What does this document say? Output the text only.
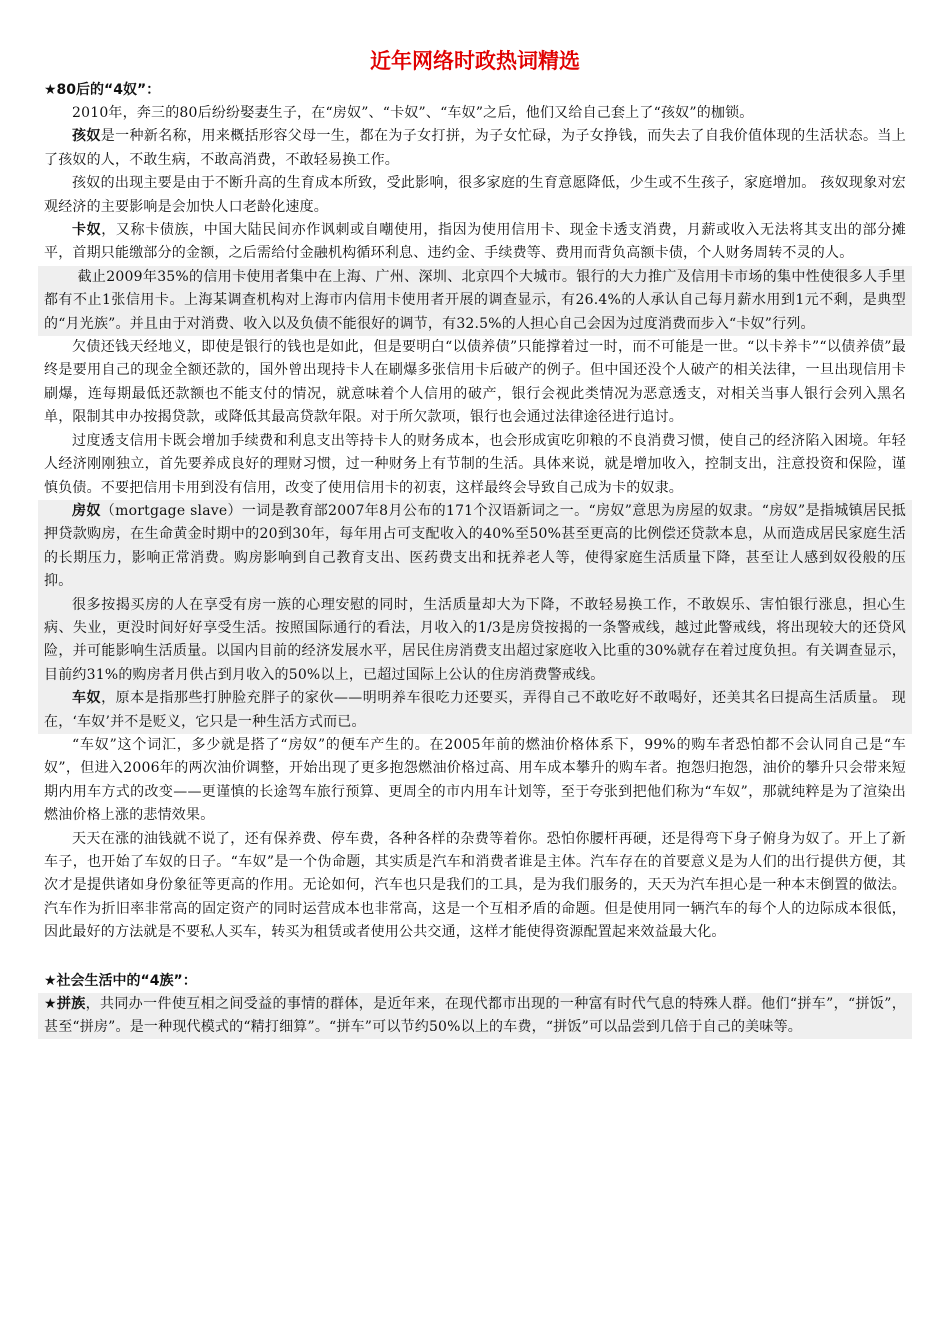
近年网络时政热词精选
★80后的“4奴”：

2010年，奔三的80后纷纷娶妻生子，在“房奴”、“卡奴”、“车奴”之后，他们又给自己套上了“孩奴”的枷锁。

孩奴是一种新名称，用来概括形容父母一生，都在为子女打拼，为子女忙碌，为子女挣钱，而失去了自我价值体现的生活状态。当上了孩奴的人，不敢生病，不敢高消费，不敢轻易换工作。

孩奴的出现主要是由于不断升高的生育成本所致，受此影响，很多家庭的生育意愿降低，少生或不生孩子，家庭增加。 孩奴现象对宏观经济的主要影响是会加快人口老龄化速度。

卡奴，又称卡债族，中国大陆民间亦作讽刺或自嘲使用，指因为使用信用卡、现金卡透支消费，月薪或收入无法将其支出的部分摊平，首期只能缴部分的金额，之后需给付金融机构循环利息、违约金、手续费等、费用而背负高额卡债，个人财务周转不灵的人。

截止2009年35%的信用卡使用者集中在上海、广州、深圳、北京四个大城市。银行的大力推广及信用卡市场的集中性使很多人手里都有不止1张信用卡。上海某调查机构对上海市内信用卡使用者开展的调查显示，有26.4%的人承认自己每月薪水用到1元不剩，是典型的“月光族”。并且由于对消费、收入以及负债不能很好的调节，有32.5%的人担心自己会因为过度消费而步入“卡奴”行列。

欠债还钱天经地义，即使是银行的钱也是如此，但是要明白“以债养债”只能撑着过一时，而不可能是一世。“以卡养卡”“以债养债”最终是要用自己的现金全额还款的，国外曾出现持卡人在刷爆多张信用卡后破产的例子。但中国还没个人破产的相关法律，一旦出现信用卡刷爆，连每期最低还款额也不能支付的情况，就意味着个人信用的破产，银行会视此类情况为恶意透支，对相关当事人银行会列入黑名单，限制其申办按揭贷款，或降低其最高贷款年限。对于所欠款项，银行也会通过法律途径进行追讨。

过度透支信用卡既会增加手续费和利息支出等持卡人的财务成本，也会形成寅吃卯粮的不良消费习惯，使自己的经济陷入困境。年轻人经济刚刚独立，首先要养成良好的理财习惯，过一种财务上有节制的生活。具体来说，就是增加收入，控制支出，注意投资和保险，谨慎负债。不要把信用卡用到没有信用，改变了使用信用卡的初衷，这样最终会导致自己成为卡的奴隶。

房奴（mortgage slave）一词是教育部2007年8月公布的171个汉语新词之一。“房奴”意思为房屋的奴隶。“房奴”是指城镇居民抵押贷款购房，在生命黄金时期中的20到30年，每年用占可支配收入的40%至50%甚至更高的比例偿还贷款本息，从而造成居民家庭生活的长期压力，影响正常消费。购房影响到自己教育支出、医药费支出和抚养老人等，使得家庭生活质量下降，甚至让人感到奴役般的压抑。

很多按揭买房的人在享受有房一族的心理安慰的同时，生活质量却大为下降，不敢轻易换工作，不敢娱乐、害怕银行涨息，担心生病、失业，更没时间好好享受生活。按照国际通行的看法，月收入的1/3是房贷按揭的一条警戒线，越过此警戒线，将出现较大的还贷风险，并可能影响生活质量。以国内目前的经济发展水平，居民住房消费支出超过家庭收入比重的30%就存在着过度负担。有关调查显示，目前约31%的购房者月供占到月收入的50%以上，已超过国际上公认的住房消费警戒线。

车奴，原本是指那些打肿脸充胖子的家伙——明明养车很吃力还要买，弄得自己不敢吃好不敢喝好，还美其名曰提高生活质量。 现在，‘车奴’并不是贬义，它只是一种生活方式而已。

“车奴”这个词汇，多少就是搭了“房奴”的便车产生的。在2005年前的燃油价格体系下，99%的购车者恐怕都不会认同自己是“车奴”，但进入2006年的两次油价调整，开始出现了更多抱怨燃油价格过高、用车成本攀升的购车者。抱怨归抱怨，油价的攀升只会带来短期内用车方式的改变——更谨慎的长途驾车旅行预算、更周全的市内用车计划等，至于夸张到把他们称为“车奴”，那就纯粹是为了渲染出燃油价格上涨的悲情效果。

天天在涨的油钱就不说了，还有保养费、停车费，各种各样的杂费等着你。恐怕你腰杆再硬，还是得弯下身子俯身为奴了。开上了新车子，也开始了车奴的日子。“车奴”是一个伪命题，其实质是汽车和消费者谁是主体。汽车存在的首要意义是为人们的出行提供方便，其次才是提供诸如身份象征等更高的作用。无论如何，汽车也只是我们的工具，是为我们服务的，天天为汽车担心是一种本末倒置的做法。汽车作为折旧率非常高的固定资产的同时运营成本也非常高，这是一个互相矛盾的命题。但是使用同一辆汽车的每个人的边际成本很低，因此最好的方法就是不要私人买车，转买为租赁或者使用公共交通，这样才能使得资源配置起来效益最大化。

★社会生活中的“4族”：

★拼族，共同办一件使互相之间受益的事情的群体，是近年来，在现代都市出现的一种富有时代气息的特殊人群。他们“拼车”，“拼饭”，甚至“拼房”。是一种现代模式的“精打细算”。“拼车”可以节约50%以上的车费，“拼饭”可以品尝到几倍于自己的美味等。
